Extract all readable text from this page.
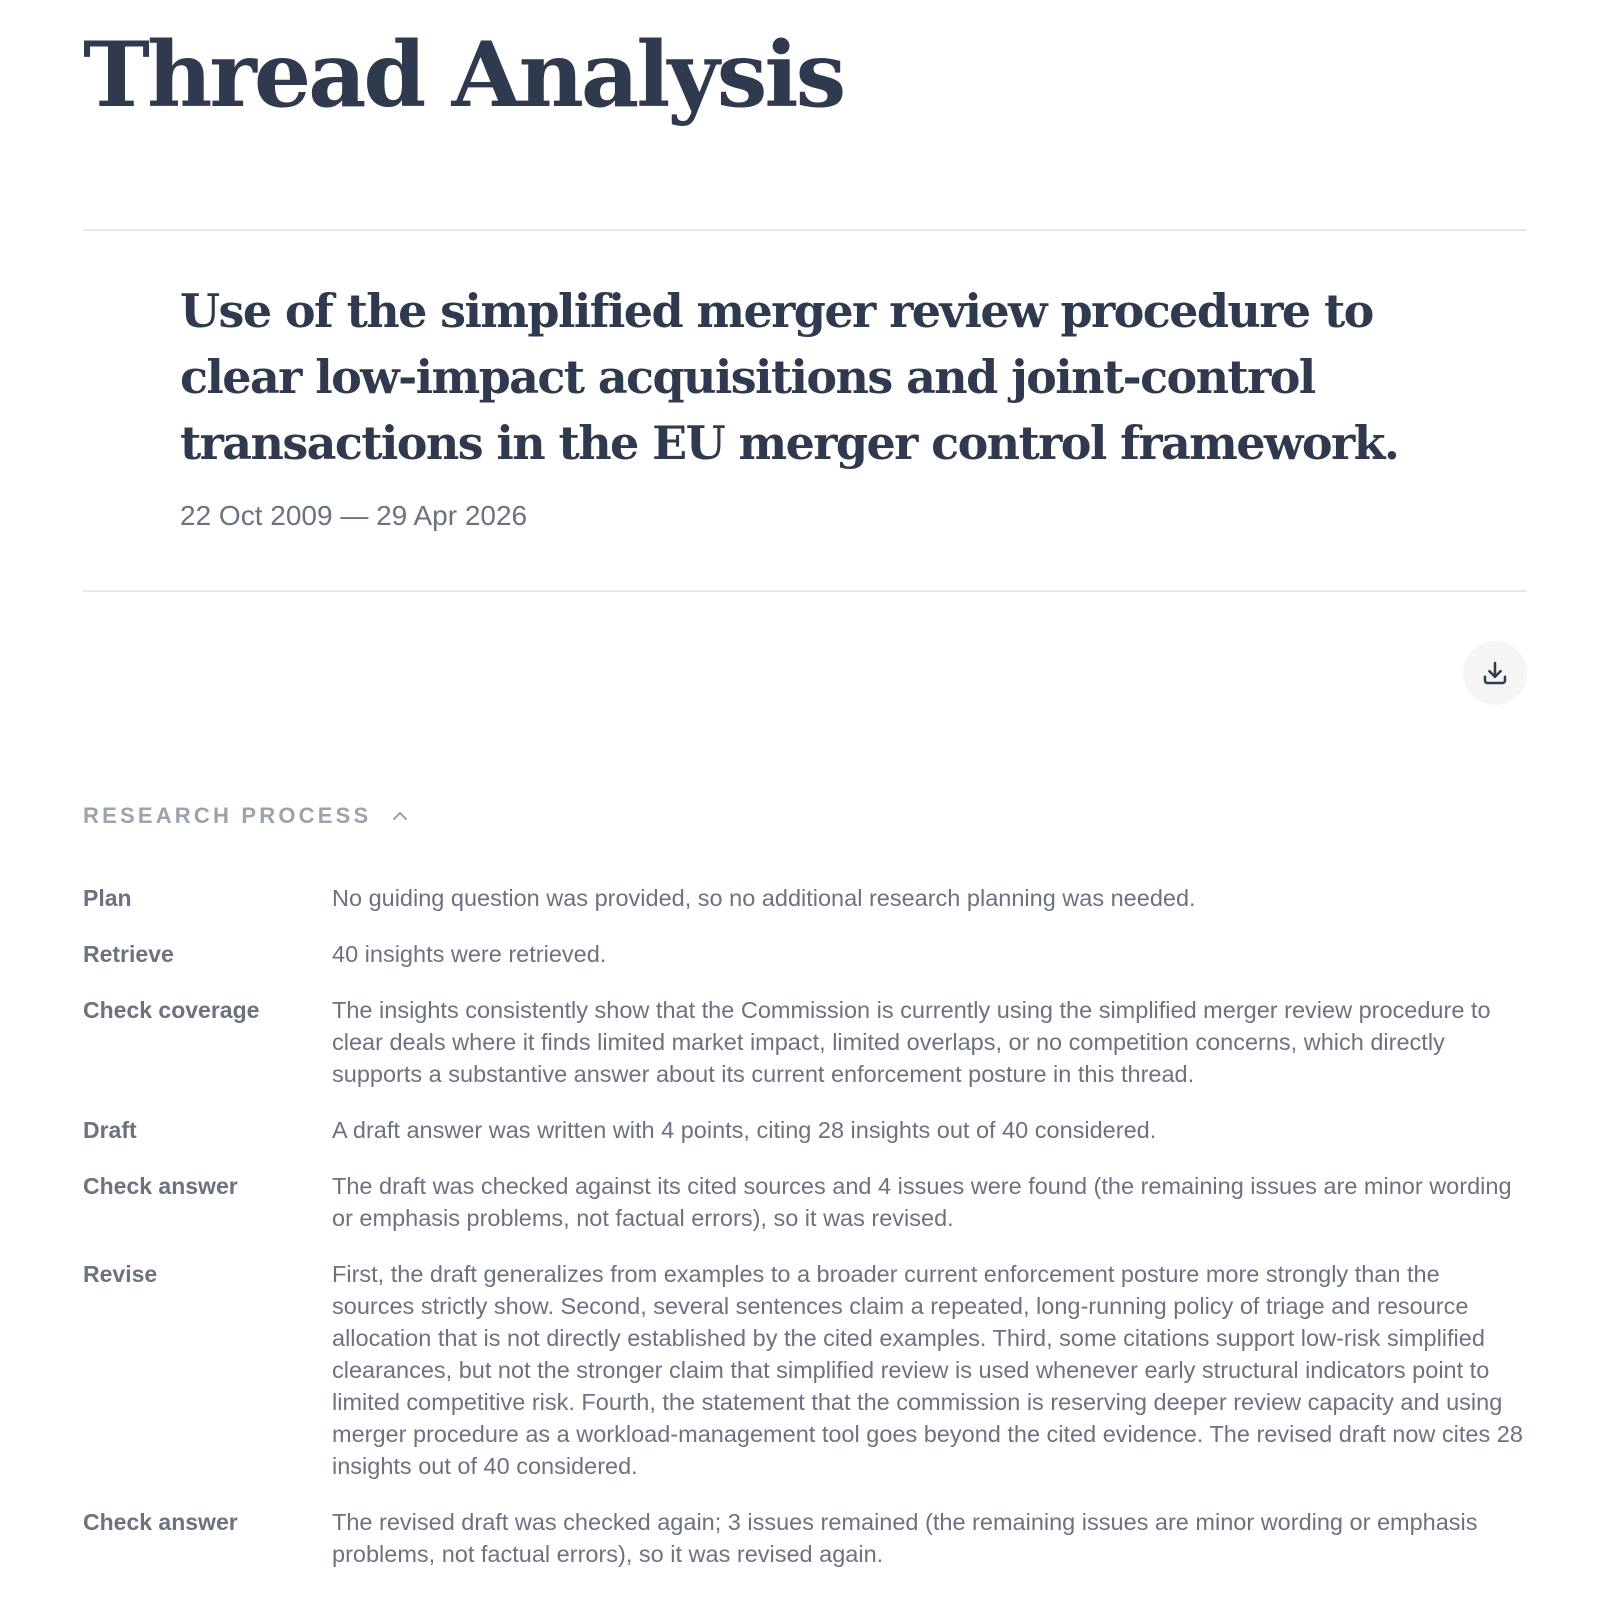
Thread Analysis
Use of the simplified merger review procedure to clear low-impact acquisitions and joint-control transactions in the EU merger control framework.
22 Oct 2009 — 29 Apr 2026
RESEARCH PROCESS
Plan	No guiding question was provided, so no additional research planning was needed.
Retrieve	40 insights were retrieved.
Check coverage	The insights consistently show that the Commission is currently using the simplified merger review procedure to clear deals where it finds limited market impact, limited overlaps, or no competition concerns, which directly supports a substantive answer about its current enforcement posture in this thread.
Draft	A draft answer was written with 4 points, citing 28 insights out of 40 considered.
Check answer	The draft was checked against its cited sources and 4 issues were found (the remaining issues are minor wording or emphasis problems, not factual errors), so it was revised.
Revise	First, the draft generalizes from examples to a broader current enforcement posture more strongly than the sources strictly show. Second, several sentences claim a repeated, long-running policy of triage and resource allocation that is not directly established by the cited examples. Third, some citations support low-risk simplified clearances, but not the stronger claim that simplified review is used whenever early structural indicators point to limited competitive risk. Fourth, the statement that the commission is reserving deeper review capacity and using merger procedure as a workload-management tool goes beyond the cited evidence. The revised draft now cites 28 insights out of 40 considered.
Check answer	The revised draft was checked again; 3 issues remained (the remaining issues are minor wording or emphasis problems, not factual errors), so it was revised again.
